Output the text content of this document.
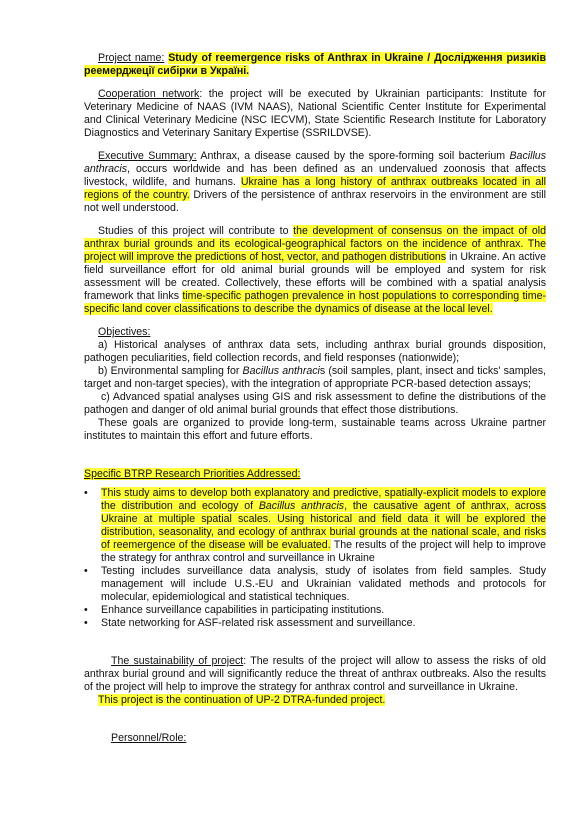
Project name: Study of reemergence risks of Anthrax in Ukraine / Дослідження ризиків реемерджеції сибірки в Україні.

Cooperation network: the project will be executed by Ukrainian participants: Institute for Veterinary Medicine of NAAS (IVM NAAS), National Scientific Center Institute for Experimental and Clinical Veterinary Medicine (NSC IECVM), State Scientific Research Institute for Laboratory Diagnostics and Veterinary Sanitary Expertise (SSRILDVSE).

Executive Summary: Anthrax, a disease caused by the spore-forming soil bacterium Bacillus anthracis, occurs worldwide and has been defined as an undervalued zoonosis that affects livestock, wildlife, and humans. Ukraine has a long history of anthrax outbreaks located in all regions of the country. Drivers of the persistence of anthrax reservoirs in the environment are still not well understood.

Studies of this project will contribute to the development of consensus on the impact of old anthrax burial grounds and its ecological-geographical factors on the incidence of anthrax. The project will improve the predictions of host, vector, and pathogen distributions in Ukraine. An active field surveillance effort for old animal burial grounds will be employed and system for risk assessment will be created. Collectively, these efforts will be combined with a spatial analysis framework that links time-specific pathogen prevalence in host populations to corresponding time-specific land cover classifications to describe the dynamics of disease at the local level.

Objectives:

a) Historical analyses of anthrax data sets, including anthrax burial grounds disposition, pathogen peculiarities, field collection records, and field responses (nationwide);

b) Environmental sampling for Bacillus anthracis (soil samples, plant, insect and ticks' samples, target and non-target species), with the integration of appropriate PCR-based detection assays;

c) Advanced spatial analyses using GIS and risk assessment to define the distributions of the pathogen and danger of old animal burial grounds that effect those distributions.

These goals are organized to provide long-term, sustainable teams across Ukraine partner institutes to maintain this effort and future efforts.

Specific BTRP Research Priorities Addressed:

• This study aims to develop both explanatory and predictive, spatially-explicit models to explore the distribution and ecology of Bacillus anthracis, the causative agent of anthrax, across Ukraine at multiple spatial scales. Using historical and field data it will be explored the distribution, seasonality, and ecology of anthrax burial grounds at the national scale, and risks of reemergence of the disease will be evaluated. The results of the project will help to improve the strategy for anthrax control and surveillance in Ukraine
• Testing includes surveillance data analysis, study of isolates from field samples. Study management will include U.S.-EU and Ukrainian validated methods and protocols for molecular, epidemiological and statistical techniques.
• Enhance surveillance capabilities in participating institutions.
• State networking for ASF-related risk assessment and surveillance.

The sustainability of project: The results of the project will allow to assess the risks of old anthrax burial ground and will significantly reduce the threat of anthrax outbreaks. Also the results of the project will help to improve the strategy for anthrax control and surveillance in Ukraine.

This project is the continuation of UP-2 DTRA-funded project.

Personnel/Role:
